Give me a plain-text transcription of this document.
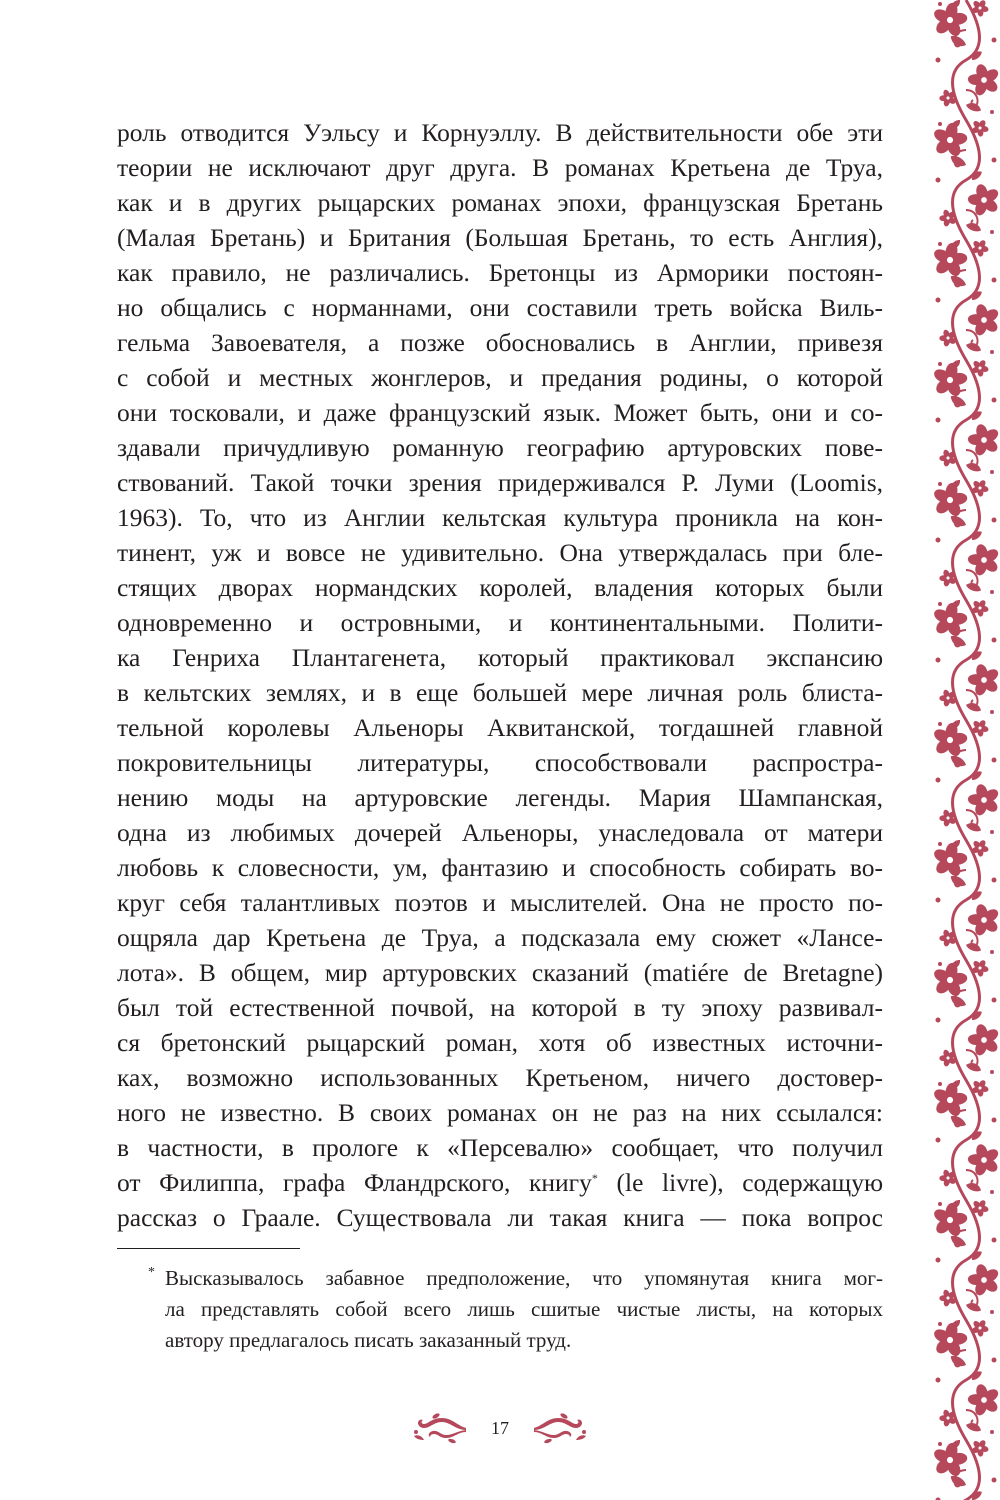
роль отводится Уэльсу и Корнуэллу. В действительности обе эти
теории не исключают друг друга. В романах Кретьена де Труа,
как и в других рыцарских романах эпохи, французская Бретань
(Малая Бретань) и Британия (Большая Бретань, то есть Англия),
как правило, не различались. Бретонцы из Арморики постоян-
но общались с норманнами, они составили треть войска Виль-
гельма Завоевателя, а позже обосновались в Англии, привезя
с собой и местных жонглеров, и предания родины, о которой
они тосковали, и даже французский язык. Может быть, они и со-
здавали причудливую романную географию артуровских пове-
ствований. Такой точки зрения придерживался Р. Луми (Loomis,
1963). То, что из Англии кельтская культура проникла на кон-
тинент, уж и вовсе не удивительно. Она утверждалась при бле-
стящих дворах нормандских королей, владения которых были
одновременно и островными, и континентальными. Полити-
ка Генриха Плантагенета, который практиковал экспансию
в кельтских землях, и в еще большей мере личная роль блиста-
тельной королевы Альеноры Аквитанской, тогдашней главной
покровительницы литературы, способствовали распростра-
нению моды на артуровские легенды. Мария Шампанская,
одна из любимых дочерей Альеноры, унаследовала от матери
любовь к словесности, ум, фантазию и способность собирать во-
круг себя талантливых поэтов и мыслителей. Она не просто по-
ощряла дар Кретьена де Труа, а подсказала ему сюжет «Лансе-
лота». В общем, мир артуровских сказаний (matiére de Bretagne)
был той естественной почвой, на которой в ту эпоху развивал-
ся бретонский рыцарский роман, хотя об известных источни-
ках, возможно использованных Кретьеном, ничего достовер-
ного не известно. В своих романах он не раз на них ссылался:
в частности, в прологе к «Персевалю» сообщает, что получил
от Филиппа, графа Фландрского, книгу* (le livre), содержащую
рассказ о Граале. Существовала ли такая книга — пока вопрос
* Высказывалось забавное предположение, что упомянутая книга мог-
ла представлять собой всего лишь сшитые чистые листы, на которых
автору предлагалось писать заказанный труд.
17
